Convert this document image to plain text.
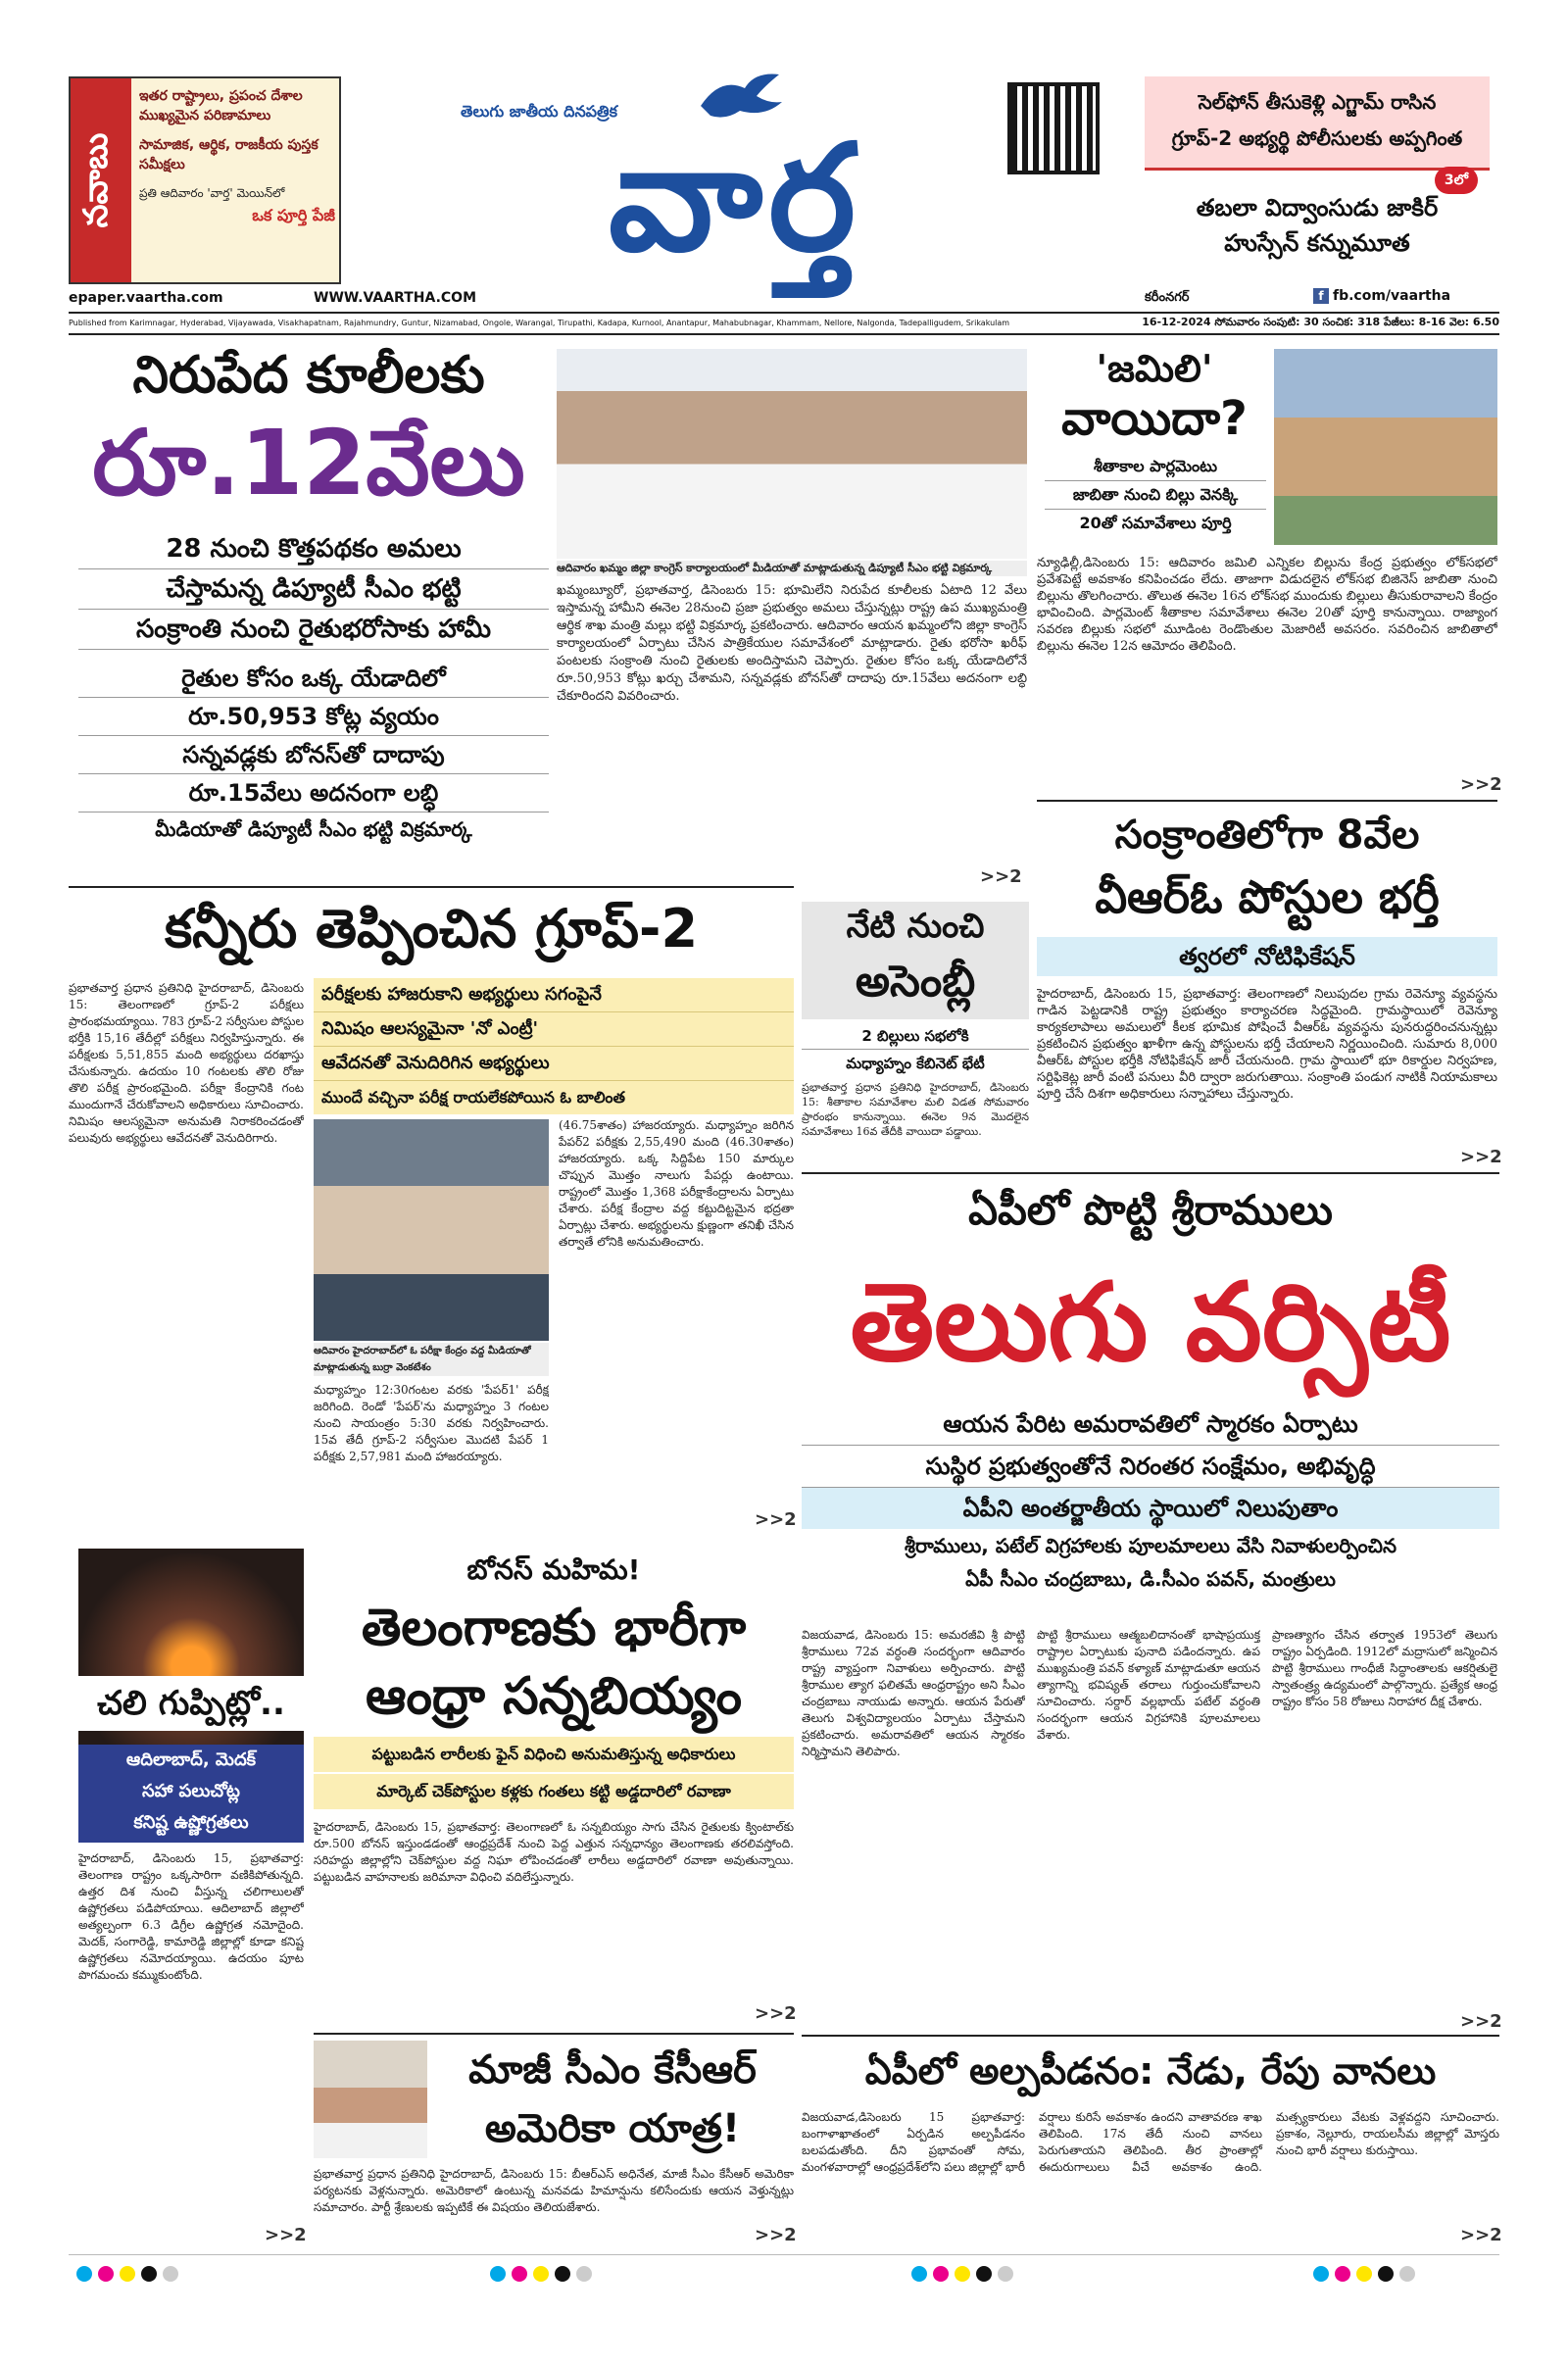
నవాబు
ఇతర రాష్ట్రాలు, ప్రపంచ దేశాల ముఖ్యమైన పరిణామాలు
సామాజిక, ఆర్థిక, రాజకీయ పుస్తక సమీక్షలు
ప్రతి ఆదివారం 'వార్త' మెయిన్‌లో
ఒక పూర్తి పేజీ
తెలుగు జాతీయ దినపత్రిక
వార్త
epaper.vaartha.com	WWW.VAARTHA.COM
సెల్‌ఫోన్ తీసుకెళ్లి ఎగ్జామ్ రాసిన
గ్రూప్-2 అభ్యర్థి పోలీసులకు అప్పగింత
3లో
తబలా విద్వాంసుడు జాకిర్
హుస్సేన్ కన్నుమూత
కరీంనగర్	f fb.com/vaartha
Published from Karimnagar, Hyderabad, Vijayawada, Visakhapatnam, Rajahmundry, Guntur, Nizamabad, Ongole, Warangal, Tirupathi, Kadapa, Kurnool, Anantapur, Mahabubnagar, Khammam, Nellore, Nalgonda, Tadepalligudem, Srikakulam	16-12-2024 సోమవారం సంపుటి: 30 సంచిక: 318 పేజీలు: 8-16 వెల: 6.50
నిరుపేద కూలీలకు
రూ.12వేలు
28 నుంచి కొత్తపథకం అమలు
చేస్తామన్న డిప్యూటీ సీఎం భట్టి
సంక్రాంతి నుంచి రైతుభరోసాకు హామీ
రైతుల కోసం ఒక్క యేడాదిలో
రూ.50,953 కోట్ల వ్యయం
సన్నవడ్లకు బోనస్‌తో దాదాపు
రూ.15వేలు అదనంగా లబ్ధి
మీడియాతో డిప్యూటీ సీఎం భట్టి విక్రమార్క
ఆదివారం ఖమ్మం జిల్లా కాంగ్రెస్ కార్యాలయంలో మీడియాతో మాట్లాడుతున్న డిప్యూటీ సీఎం భట్టి విక్రమార్క
ఖమ్మంబ్యూరో, ప్రభాతవార్త, డిసెంబరు 15: భూమిలేని నిరుపేద కూలీలకు ఏటాది 12 వేలు ఇస్తామన్న హామీని ఈనెల 28నుంచి ప్రజా ప్రభుత్వం అమలు చేస్తున్నట్లు రాష్ట్ర ఉప ముఖ్యమంత్రి ఆర్థిక శాఖ మంత్రి మల్లు భట్టి విక్రమార్క ప్రకటించారు. ఆదివారం ఆయన ఖమ్మంలోని జిల్లా కాంగ్రెస్ కార్యాలయంలో ఏర్పాటు చేసిన పాత్రికేయుల సమావేశంలో మాట్లాడారు. రైతు భరోసా ఖరీఫ్ పంటలకు సంక్రాంతి నుంచి రైతులకు అందిస్తామని చెప్పారు. రైతుల కోసం ఒక్క యేడాదిలోనే రూ.50,953 కోట్లు ఖర్చు చేశామని, సన్నవడ్లకు బోనస్‌తో దాదాపు రూ.15వేలు అదనంగా లబ్ధి చేకూరిందని వివరించారు.
>>2
'జమిలి'
వాయిదా?
శీతాకాల పార్లమెంటు
జాబితా నుంచి బిల్లు వెనక్కి
20తో సమావేశాలు పూర్తి
న్యూఢిల్లీ,డిసెంబరు 15: ఆదివారం జమిలి ఎన్నికల బిల్లును కేంద్ర ప్రభుత్వం లోక్‌సభలో ప్రవేశపెట్టే అవకాశం కనిపించడం లేదు. తాజాగా విడుదలైన లోక్‌సభ బిజినెస్ జాబితా నుంచి బిల్లును తొలగించారు. తొలుత ఈనెల 16న లోక్‌సభ ముందుకు బిల్లులు తీసుకురావాలని కేంద్రం భావించింది. పార్లమెంట్ శీతాకాల సమావేశాలు ఈనెల 20తో పూర్తి కానున్నాయి. రాజ్యాంగ సవరణ బిల్లుకు సభలో మూడింట రెండొంతుల మెజారిటీ అవసరం. సవరించిన జాబితాలో బిల్లును ఈనెల 12న ఆమోదం తెలిపింది.
>>2
సంక్రాంతిలోగా 8వేల
వీఆర్‌ఓ పోస్టుల భర్తీ
త్వరలో నోటిఫికేషన్
హైదరాబాద్, డిసెంబరు 15, ప్రభాతవార్త: తెలంగాణలో నిలుపుదల గ్రామ రెవెన్యూ వ్యవస్థను గాడిన పెట్టడానికి రాష్ట్ర ప్రభుత్వం కార్యాచరణ సిద్ధమైంది. గ్రామస్థాయిలో రెవెన్యూ కార్యకలాపాలు అమలులో కీలక భూమిక పోషించే వీఆర్‌ఓ వ్యవస్థను పునరుద్ధరించనున్నట్లు ప్రకటించిన ప్రభుత్వం ఖాళీగా ఉన్న పోస్టులను భర్తీ చేయాలని నిర్ణయించింది. సుమారు 8,000 వీఆర్‌ఓ పోస్టుల భర్తీకి నోటిఫికేషన్ జారీ చేయనుంది. గ్రామ స్థాయిలో భూ రికార్డుల నిర్వహణ, సర్టిఫికెట్ల జారీ వంటి పనులు వీరి ద్వారా జరుగుతాయి. సంక్రాంతి పండుగ నాటికి నియామకాలు పూర్తి చేసే దిశగా అధికారులు సన్నాహాలు చేస్తున్నారు.
>>2
కన్నీరు తెప్పించిన గ్రూప్-2
ప్రభాతవార్త ప్రధాన ప్రతినిధి హైదరాబాద్, డిసెంబరు 15: తెలంగాణలో గ్రూప్-2 పరీక్షలు ప్రారంభమయ్యాయి. 783 గ్రూప్-2 సర్వీసుల పోస్టుల భర్తీకి 15,16 తేదీల్లో పరీక్షలు నిర్వహిస్తున్నారు. ఈ పరీక్షలకు 5,51,855 మంది అభ్యర్థులు దరఖాస్తు చేసుకున్నారు. ఉదయం 10 గంటలకు తొలి రోజు తొలి పరీక్ష ప్రారంభమైంది. పరీక్షా కేంద్రానికి గంట ముందుగానే చేరుకోవాలని అధికారులు సూచించారు. నిమిషం ఆలస్యమైనా అనుమతి నిరాకరించడంతో పలువురు అభ్యర్థులు ఆవేదనతో వెనుదిరిగారు.
పరీక్షలకు హాజరుకాని అభ్యర్థులు సగంపైనే
నిమిషం ఆలస్యమైనా 'నో ఎంట్రీ'
ఆవేదనతో వెనుదిరిగిన అభ్యర్థులు
ముందే వచ్చినా పరీక్ష రాయలేకపోయిన ఓ బాలింత
ఆదివారం హైదరాబాద్‌లో ఓ పరీక్షా కేంద్రం వద్ద మీడియాతో మాట్లాడుతున్న బుర్రా వెంకటేశం
(46.75శాతం) హాజరయ్యారు. మధ్యాహ్నం జరిగిన పేపర్2 పరీక్షకు 2,55,490 మంది (46.30శాతం) హాజరయ్యారు. ఒక్క సిద్దిపేట 150 మార్కుల చొప్పున మొత్తం నాలుగు పేపర్లు ఉంటాయి. రాష్ట్రంలో మొత్తం 1,368 పరీక్షాకేంద్రాలను ఏర్పాటు చేశారు. పరీక్ష కేంద్రాల వద్ద కట్టుదిట్టమైన భద్రతా ఏర్పాట్లు చేశారు. అభ్యర్థులను క్షుణ్ణంగా తనిఖీ చేసిన తర్వాతే లోనికి అనుమతించారు.
మధ్యాహ్నం 12:30గంటల వరకు 'పేపర్1' పరీక్ష జరిగింది. రెండో 'పేపర్'ను మధ్యాహ్నం 3 గంటల నుంచి సాయంత్రం 5:30 వరకు నిర్వహించారు. 15వ తేదీ గ్రూప్-2 సర్వీసుల మొదటి పేపర్ 1 పరీక్షకు 2,57,981 మంది హాజరయ్యారు.
>>2
నేటి నుంచి
అసెంబ్లీ
2 బిల్లులు సభలోకి
మధ్యాహ్నం కేబినెట్ భేటీ
ప్రభాతవార్త ప్రధాన ప్రతినిధి హైదరాబాద్, డిసెంబరు 15: శీతాకాల సమావేశాల మలి విడత సోమవారం ప్రారంభం కానున్నాయి. ఈనెల 9న మొదలైన సమావేశాలు 16వ తేదీకి వాయిదా పడ్డాయి.
ఏపీలో పొట్టి శ్రీరాములు
తెలుగు వర్సిటీ
ఆయన పేరిట అమరావతిలో స్మారకం ఏర్పాటు
సుస్థిర ప్రభుత్వంతోనే నిరంతర సంక్షేమం, అభివృద్ధి
ఏపీని అంతర్జాతీయ స్థాయిలో నిలుపుతాం
శ్రీరాములు, పటేల్ విగ్రహాలకు పూలమాలలు వేసి నివాళులర్పించిన
ఏపీ సీఎం చంద్రబాబు, డి.సీఎం పవన్, మంత్రులు
విజయవాడ, డిసెంబరు 15: అమరజీవి శ్రీ పొట్టి శ్రీరాములు 72వ వర్ధంతి సందర్భంగా ఆదివారం రాష్ట్ర వ్యాప్తంగా నివాళులు అర్పించారు. పొట్టి శ్రీరాముల త్యాగ ఫలితమే ఆంధ్రరాష్ట్రం అని సీఎం చంద్రబాబు నాయుడు అన్నారు. ఆయన పేరుతో తెలుగు విశ్వవిద్యాలయం ఏర్పాటు చేస్తామని ప్రకటించారు. అమరావతిలో ఆయన స్మారకం నిర్మిస్తామని తెలిపారు.
పొట్టి శ్రీరాములు ఆత్మబలిదానంతో భాషాప్రయుక్త రాష్ట్రాల ఏర్పాటుకు పునాది పడిందన్నారు. ఉప ముఖ్యమంత్రి పవన్ కళ్యాణ్ మాట్లాడుతూ ఆయన త్యాగాన్ని భవిష్యత్ తరాలు గుర్తుంచుకోవాలని సూచించారు. సర్దార్ వల్లభాయ్ పటేల్ వర్ధంతి సందర్భంగా ఆయన విగ్రహానికి పూలమాలలు వేశారు.
ప్రాణత్యాగం చేసిన తర్వాత 1953లో తెలుగు రాష్ట్రం ఏర్పడింది. 1912లో మద్రాసులో జన్మించిన పొట్టి శ్రీరాములు గాంధీజీ సిద్ధాంతాలకు ఆకర్షితులై స్వాతంత్ర్య ఉద్యమంలో పాల్గొన్నారు. ప్రత్యేక ఆంధ్ర రాష్ట్రం కోసం 58 రోజులు నిరాహార దీక్ష చేశారు.
>>2
చలి గుప్పిట్లో..
ఆదిలాబాద్, మెదక్
సహా పలుచోట్ల
కనిష్ట ఉష్ణోగ్రతలు
హైదరాబాద్, డిసెంబరు 15, ప్రభాతవార్త: తెలంగాణ రాష్ట్రం ఒక్కసారిగా వణికిపోతున్నది. ఉత్తర దిశ నుంచి వీస్తున్న చలిగాలులతో ఉష్ణోగ్రతలు పడిపోయాయి. ఆదిలాబాద్ జిల్లాలో అత్యల్పంగా 6.3 డిగ్రీల ఉష్ణోగ్రత నమోదైంది. మెదక్, సంగారెడ్డి, కామారెడ్డి జిల్లాల్లో కూడా కనిష్ట ఉష్ణోగ్రతలు నమోదయ్యాయి. ఉదయం పూట పొగమంచు కమ్ముకుంటోంది.
>>2
బోనస్ మహిమ!
తెలంగాణకు భారీగా
ఆంధ్రా సన్నబియ్యం
పట్టుబడిన లారీలకు ఫైన్ విధించి అనుమతిస్తున్న అధికారులు
మార్కెట్ చెక్‌పోస్టుల కళ్లకు గంతలు కట్టి అడ్డదారిలో రవాణా
హైదరాబాద్, డిసెంబరు 15, ప్రభాతవార్త: తెలంగాణలో ఓ సన్నబియ్యం సాగు చేసిన రైతులకు క్వింటాల్‌కు రూ.500 బోనస్ ఇస్తుండడంతో ఆంధ్రప్రదేశ్ నుంచి పెద్ద ఎత్తున సన్నధాన్యం తెలంగాణకు తరలివస్తోంది. సరిహద్దు జిల్లాల్లోని చెక్‌పోస్టుల వద్ద నిఘా లోపించడంతో లారీలు అడ్డదారిలో రవాణా అవుతున్నాయి. పట్టుబడిన వాహనాలకు జరిమానా విధించి వదిలేస్తున్నారు.
>>2
మాజీ సీఎం కేసీఆర్
అమెరికా యాత్ర!
ప్రభాతవార్త ప్రధాన ప్రతినిధి హైదరాబాద్, డిసెంబరు 15: బీఆర్ఎస్ అధినేత, మాజీ సీఎం కేసీఆర్ అమెరికా పర్యటనకు వెళ్లనున్నారు. అమెరికాలో ఉంటున్న మనవడు హిమాన్షును కలిసేందుకు ఆయన వెళ్తున్నట్లు సమాచారం. పార్టీ శ్రేణులకు ఇప్పటికే ఈ విషయం తెలియజేశారు.
>>2
ఏపీలో అల్పపీడనం: నేడు, రేపు వానలు
విజయవాడ,డిసెంబరు 15 ప్రభాతవార్త: బంగాళాఖాతంలో ఏర్పడిన అల్పపీడనం బలపడుతోంది. దీని ప్రభావంతో సోమ, మంగళవారాల్లో ఆంధ్రప్రదేశ్‌లోని పలు జిల్లాల్లో భారీ వర్షాలు కురిసే అవకాశం ఉందని వాతావరణ శాఖ తెలిపింది. 17న తేదీ నుంచి వానలు పెరుగుతాయని తెలిపింది. తీర ప్రాంతాల్లో ఈదురుగాలులు వీచే అవకాశం ఉంది. మత్స్యకారులు వేటకు వెళ్లవద్దని సూచించారు. ప్రకాశం, నెల్లూరు, రాయలసీమ జిల్లాల్లో మోస్తరు నుంచి భారీ వర్షాలు కురుస్తాయి.
>>2
